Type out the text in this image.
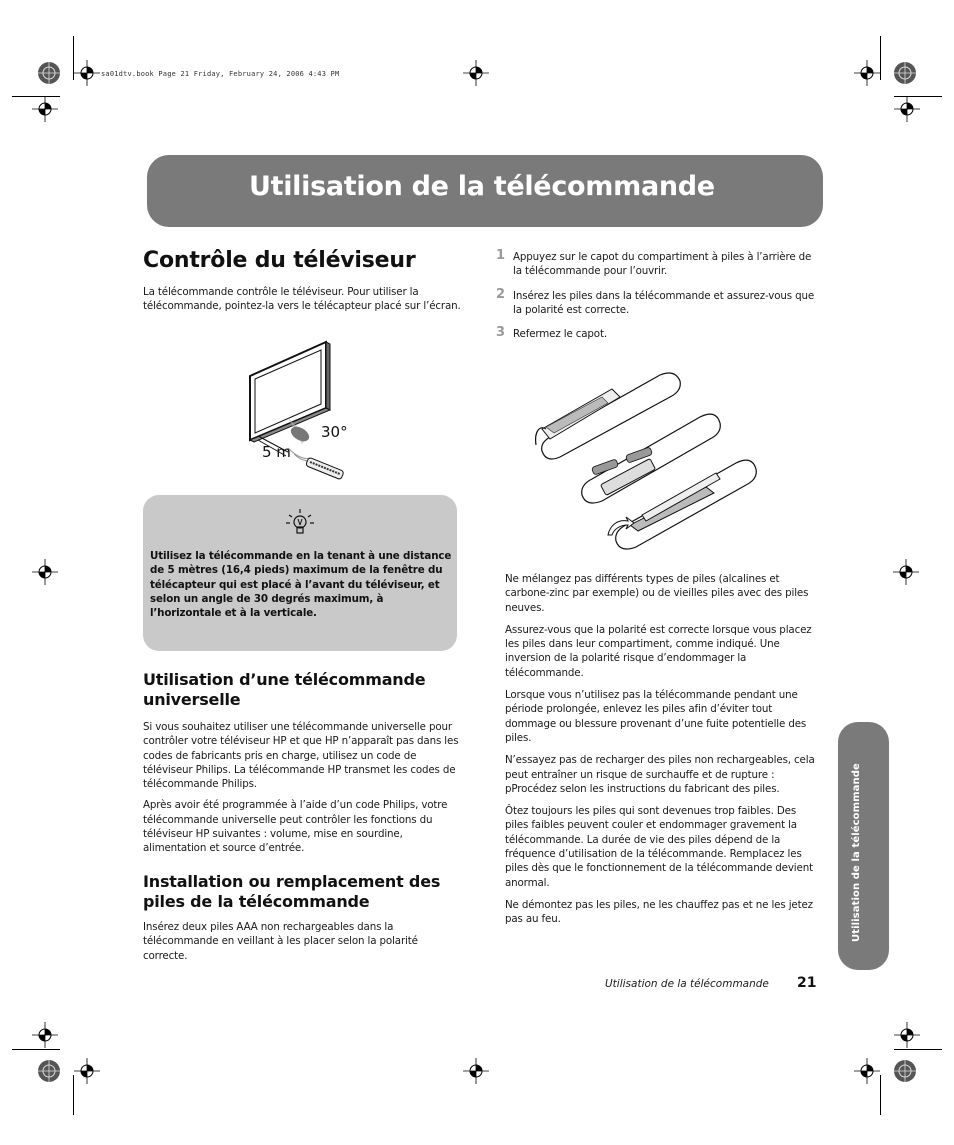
sa01dtv.book Page 21 Friday, February 24, 2006 4:43 PM
Utilisation de la télécommande
Contrôle du téléviseur

La télécommande contrôle le téléviseur. Pour utiliser la télécommande, pointez-la vers le télécapteur placé sur l’écran.

30°
5 m
Utilisez la télécommande en la tenant à une distance de 5 mètres (16,4 pieds) maximum de la fenêtre du télécapteur qui est placé à l’avant du téléviseur, et selon un angle de 30 degrés maximum, à l’horizontale et à la verticale.
Utilisation d’une télécommande universelle

Si vous souhaitez utiliser une télécommande universelle pour contrôler votre téléviseur HP et que HP n’apparaît pas dans les codes de fabricants pris en charge, utilisez un code de téléviseur Philips. La télécommande HP transmet les codes de télécommande Philips.

Après avoir été programmée à l’aide d’un code Philips, votre télécommande universelle peut contrôler les fonctions du téléviseur HP suivantes : volume, mise en sourdine, alimentation et source d’entrée.

Installation ou remplacement des piles de la télécommande

Insérez deux piles AAA non rechargeables dans la télécommande en veillant à les placer selon la polarité correcte.

1 Appuyez sur le capot du compartiment à piles à l’arrière de la télécommande pour l’ouvrir.

2 Insérez les piles dans la télécommande et assurez-vous que la polarité est correcte.

3 Refermez le capot.

Ne mélangez pas différents types de piles (alcalines et carbone-zinc par exemple) ou de vieilles piles avec des piles neuves.

Assurez-vous que la polarité est correcte lorsque vous placez les piles dans leur compartiment, comme indiqué. Une inversion de la polarité risque d’endommager la télécommande.

Lorsque vous n’utilisez pas la télécommande pendant une période prolongée, enlevez les piles afin d’éviter tout dommage ou blessure provenant d’une fuite potentielle des piles.

N’essayez pas de recharger des piles non rechargeables, cela peut entraîner un risque de surchauffe et de rupture : pProcédez selon les instructions du fabricant des piles.

Ôtez toujours les piles qui sont devenues trop faibles. Des piles faibles peuvent couler et endommager gravement la télécommande. La durée de vie des piles dépend de la fréquence d’utilisation de la télécommande. Remplacez les piles dès que le fonctionnement de la télécommande devient anormal.

Ne démontez pas les piles, ne les chauffez pas et ne les jetez pas au feu.	Utilisation de la télécommande
Utilisation de la télécommande 21
